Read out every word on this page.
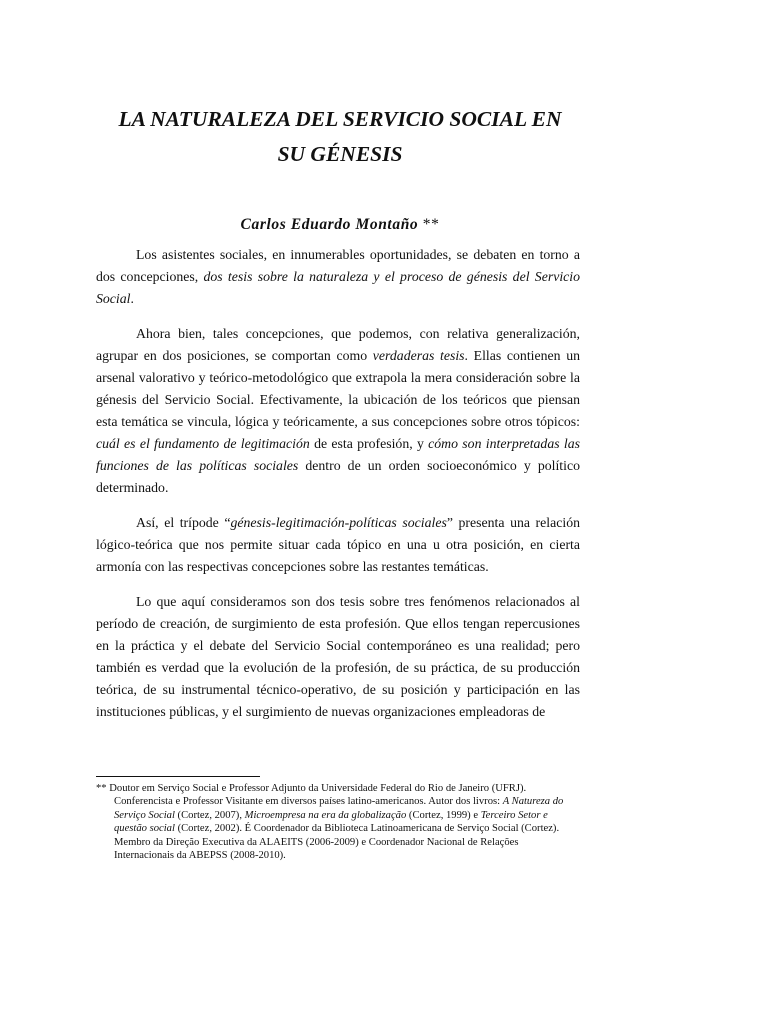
LA NATURALEZA DEL SERVICIO SOCIAL EN
SU GÉNESIS
Carlos Eduardo Montaño **

Los asistentes sociales, en innumerables oportunidades, se debaten en torno a dos concepciones, dos tesis sobre la naturaleza y el proceso de génesis del Servicio Social.

Ahora bien, tales concepciones, que podemos, con relativa generalización, agrupar en dos posiciones, se comportan como verdaderas tesis. Ellas contienen un arsenal valorativo y teórico-metodológico que extrapola la mera consideración sobre la génesis del Servicio Social. Efectivamente, la ubicación de los teóricos que piensan esta temática se vincula, lógica y teóricamente, a sus concepciones sobre otros tópicos: cuál es el fundamento de legitimación de esta profesión, y cómo son interpretadas las funciones de las políticas sociales dentro de un orden socioeconómico y político determinado.

Así, el trípode “génesis-legitimación-políticas sociales” presenta una relación lógico-teórica que nos permite situar cada tópico en una u otra posición, en cierta armonía con las respectivas concepciones sobre las restantes temáticas.

Lo que aquí consideramos son dos tesis sobre tres fenómenos relacionados al período de creación, de surgimiento de esta profesión. Que ellos tengan repercusiones en la práctica y el debate del Servicio Social contemporáneo es una realidad; pero también es verdad que la evolución de la profesión, de su práctica, de su producción teórica, de su instrumental técnico-operativo, de su posición y participación en las instituciones públicas, y el surgimiento de nuevas organizaciones empleadoras de

** Doutor em Serviço Social e Professor Adjunto da Universidade Federal do Rio de Janeiro (UFRJ).

Conferencista e Professor Visitante em diversos países latino-americanos. Autor dos livros: A Natureza do Serviço Social (Cortez, 2007), Microempresa na era da globalização (Cortez, 1999) e Terceiro Setor e questão social (Cortez, 2002). É Coordenador da Biblioteca Latinoamericana de Serviço Social (Cortez). Membro da Direção Executiva da ALAEITS (2006-2009) e Coordenador Nacional de Relações Internacionais da ABEPSS (2008-2010).
